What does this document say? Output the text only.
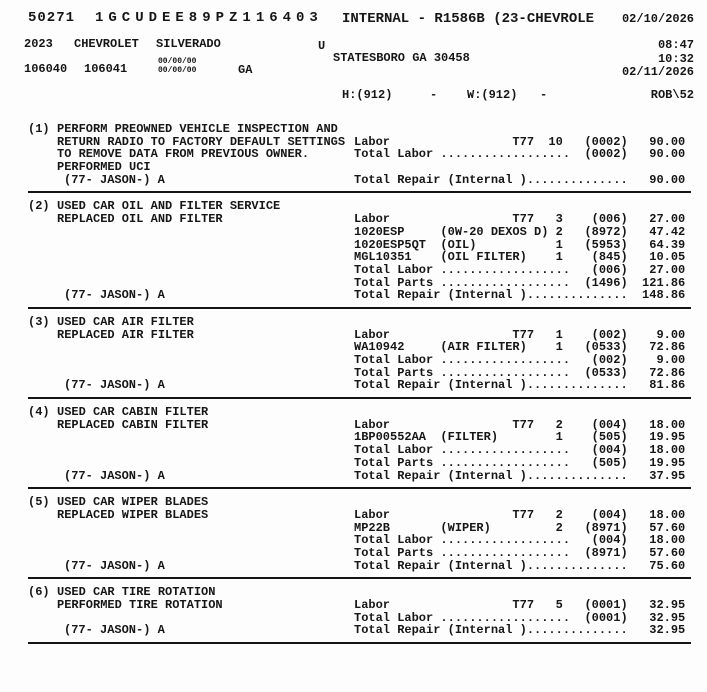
50271 1GCUDEE89PZ116403 INTERNAL - R1586B (23-CHEVROLE 02/10/2026
2023 CHEVROLET SILVERADO	U	08:47
STATESBORO GA 30458	10:32
106040 106041
00/00/00
00/00/00	GA	02/11/2026
H:(912)	- W:(912) -	ROB\52
(1) PERFORM PREOWNED VEHICLE INSPECTION AND
RETURN RADIO TO FACTORY DEFAULT SETTINGS Labor                 T77  10   (0002)   90.00
TO REMOVE DATA FROM PREVIOUS OWNER.	Total Labor ..................  (0002)   90.00
PERFORMED UCI
(77- JASON-) A	Total Repair (Internal )..............   90.00
(2) USED CAR OIL AND FILTER SERVICE
REPLACED OIL AND FILTER	Labor                 T77   3    (006)   27.00
1020ESP     (0W-20 DEXOS D) 2   (8972)   47.42
1020ESP5QT  (OIL)           1   (5953)   64.39
MGL10351    (OIL FILTER)    1    (845)   10.05
Total Labor ..................   (006)   27.00
Total Parts ..................  (1496)  121.86
(77- JASON-) A	Total Repair (Internal )..............  148.86
(3) USED CAR AIR FILTER
REPLACED AIR FILTER	Labor                 T77   1    (002)    9.00
WA10942     (AIR FILTER)    1   (0533)   72.86
Total Labor ..................   (002)    9.00
Total Parts ..................  (0533)   72.86
(77- JASON-) A	Total Repair (Internal )..............   81.86
(4) USED CAR CABIN FILTER
REPLACED CABIN FILTER	Labor                 T77   2    (004)   18.00
1BP00552AA  (FILTER)        1    (505)   19.95
Total Labor ..................   (004)   18.00
Total Parts ..................   (505)   19.95
(77- JASON-) A	Total Repair (Internal )..............   37.95
(5) USED CAR WIPER BLADES
REPLACED WIPER BLADES	Labor                 T77   2    (004)   18.00
MP22B       (WIPER)         2   (8971)   57.60
Total Labor ..................   (004)   18.00
Total Parts ..................  (8971)   57.60
(77- JASON-) A	Total Repair (Internal )..............   75.60
(6) USED CAR TIRE ROTATION
PERFORMED TIRE ROTATION	Labor                 T77   5   (0001)   32.95
Total Labor ..................  (0001)   32.95
(77- JASON-) A	Total Repair (Internal )..............   32.95
